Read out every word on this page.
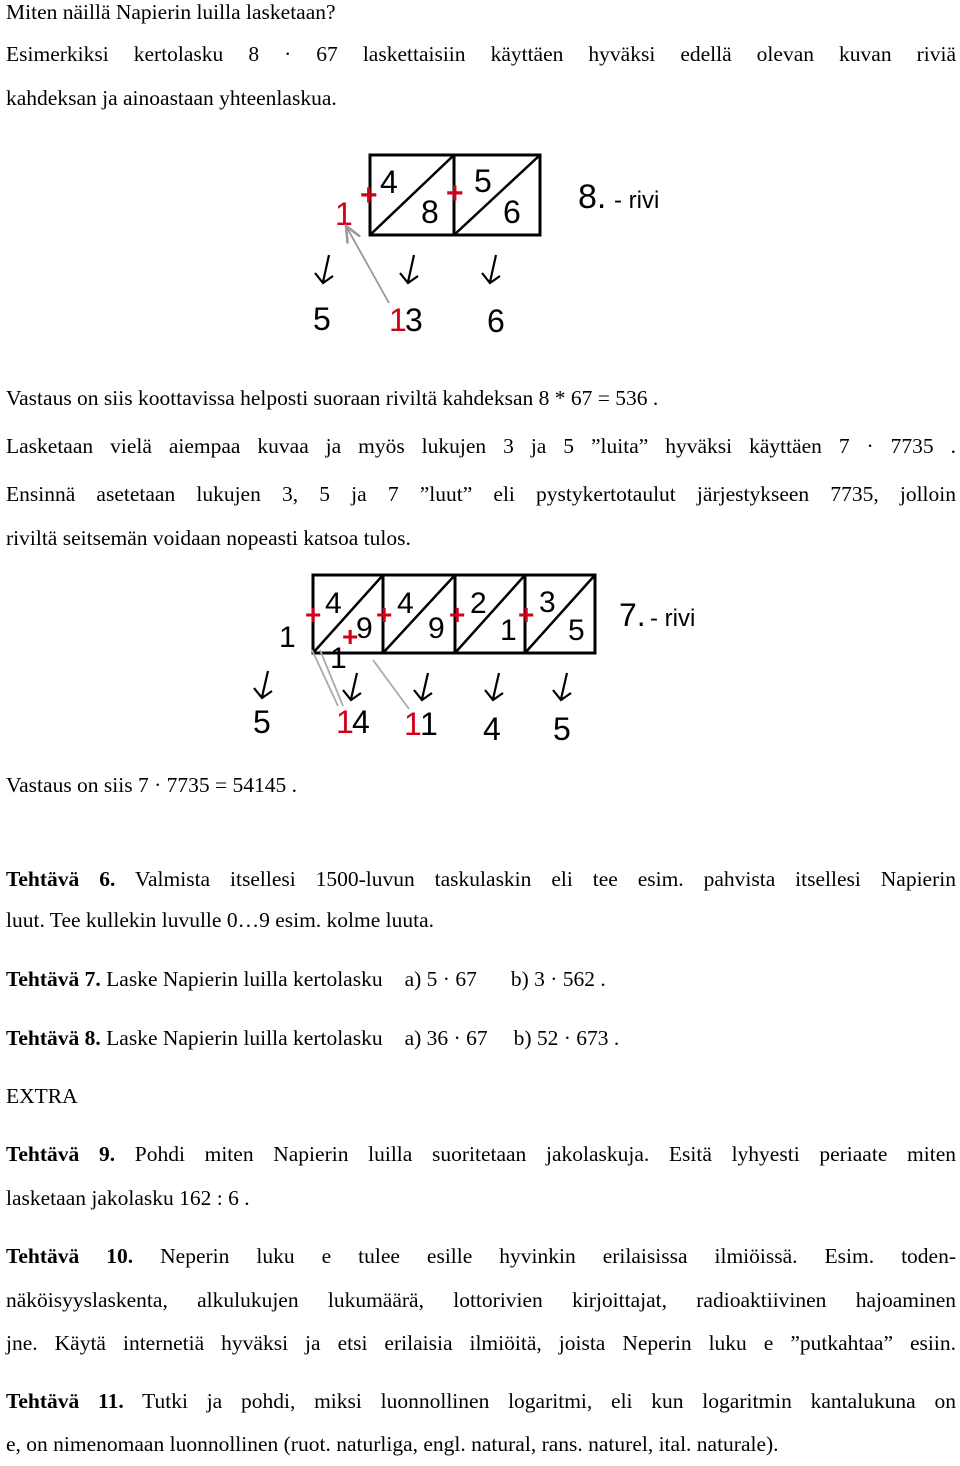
Miten näillä Napierin luilla lasketaan?

Esimerkiksi kertolasku 8 · 67 laskettaisiin käyttäen hyväksi edellä olevan kuvan riviä

kahdeksan ja ainoastaan yhteenlaskua.

Vastaus on siis koottavissa helposti suoraan riviltä kahdeksan 8 * 67 = 536 .

Lasketaan vielä aiempaa kuvaa ja myös lukujen 3 ja 5 ”luita” hyväksi käyttäen 7 · 7735 .

Ensinnä asetetaan lukujen 3, 5 ja 7 ”luut” eli pystykertotaulut järjestykseen 7735, jolloin

riviltä seitsemän voidaan nopeasti katsoa tulos.

Vastaus on siis 7 · 7735 = 54145 .

Tehtävä 6. Valmista itsellesi 1500-luvun taskulaskin eli tee esim. pahvista itsellesi Napierin

luut. Tee kullekin luvulle 0…9 esim. kolme luuta.

Tehtävä 7. Laske Napierin luilla kertolasku a) 5 · 67 b) 3 · 562 .

Tehtävä 8. Laske Napierin luilla kertolasku a) 36 · 67 b) 52 · 673 .

EXTRA

Tehtävä 9. Pohdi miten Napierin luilla suoritetaan jakolaskuja. Esitä lyhyesti periaate miten

lasketaan jakolasku 162 : 6 .

Tehtävä 10. Neperin luku e tulee esille hyvinkin erilaisissa ilmiöissä. Esim. toden-

näköisyyslaskenta, alkulukujen lukumäärä, lottorivien kirjoittajat, radioaktiivinen hajoaminen

jne. Käytä internetiä hyväksi ja etsi erilaisia ilmiöitä, joista Neperin luku e ”putkahtaa” esiin.

Tehtävä 11. Tutki ja pohdi, miksi luonnollinen logaritmi, eli kun logaritmin kantalukuna on

e, on nimenomaan luonnollinen (ruot. naturliga, engl. natural, rans. naturel, ital. naturale).

4
8
5
6
+ +
1	8. - rivi
5 1
3 6
4
9
4
9
2
1
3
5
+
+
+ + +
1
1
7. - rivi
5 1
4 1
1 4 5
